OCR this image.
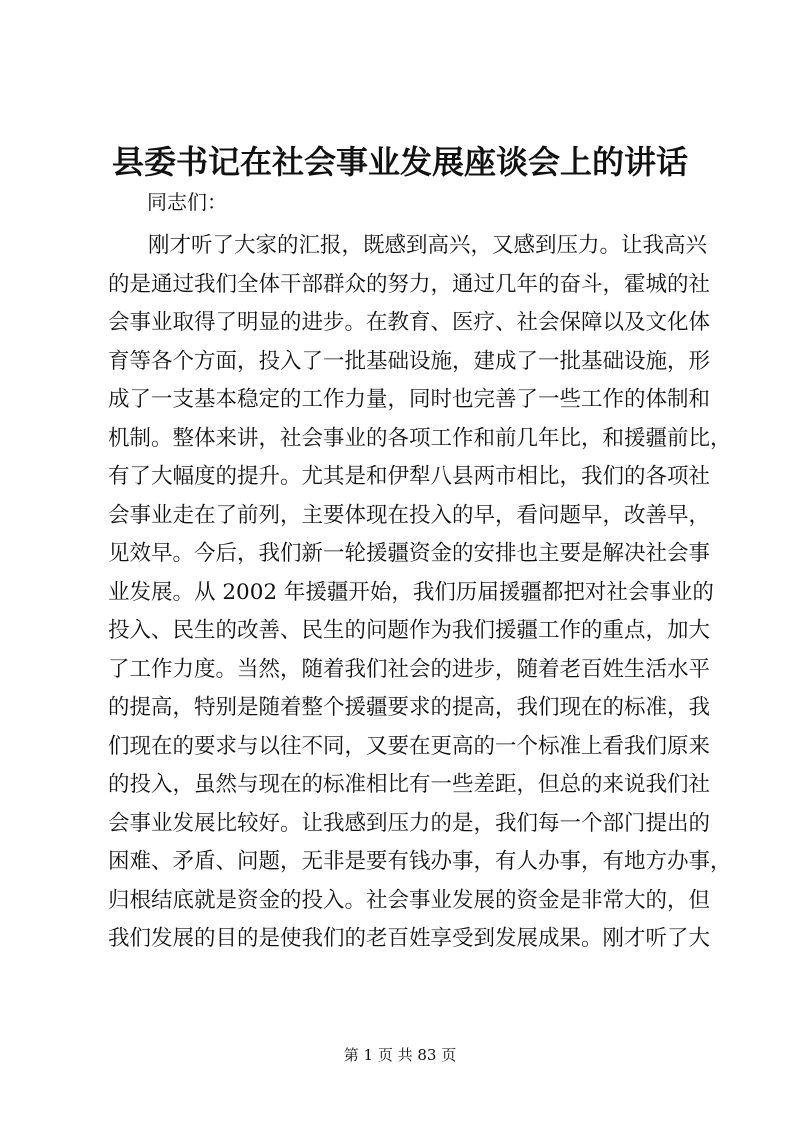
县委书记在社会事业发展座谈会上的讲话

同志们：

刚才听了大家的汇报，既感到高兴，又感到压力。让我高兴
的是通过我们全体干部群众的努力，通过几年的奋斗，霍城的社
会事业取得了明显的进步。在教育、医疗、社会保障以及文化体
育等各个方面，投入了一批基础设施，建成了一批基础设施，形
成了一支基本稳定的工作力量，同时也完善了一些工作的体制和
机制。整体来讲，社会事业的各项工作和前几年比，和援疆前比，
有了大幅度的提升。尤其是和伊犁八县两市相比，我们的各项社
会事业走在了前列，主要体现在投入的早，看问题早，改善早，
见效早。今后，我们新一轮援疆资金的安排也主要是解决社会事
业发展。从 2002 年援疆开始，我们历届援疆都把对社会事业的
投入、民生的改善、民生的问题作为我们援疆工作的重点，加大
了工作力度。当然，随着我们社会的进步，随着老百姓生活水平
的提高，特别是随着整个援疆要求的提高，我们现在的标准，我
们现在的要求与以往不同，又要在更高的一个标准上看我们原来
的投入，虽然与现在的标准相比有一些差距，但总的来说我们社
会事业发展比较好。让我感到压力的是，我们每一个部门提出的
困难、矛盾、问题，无非是要有钱办事，有人办事，有地方办事，
归根结底就是资金的投入。社会事业发展的资金是非常大的，但
我们发展的目的是使我们的老百姓享受到发展成果。刚才听了大

第 1 页 共 83 页
